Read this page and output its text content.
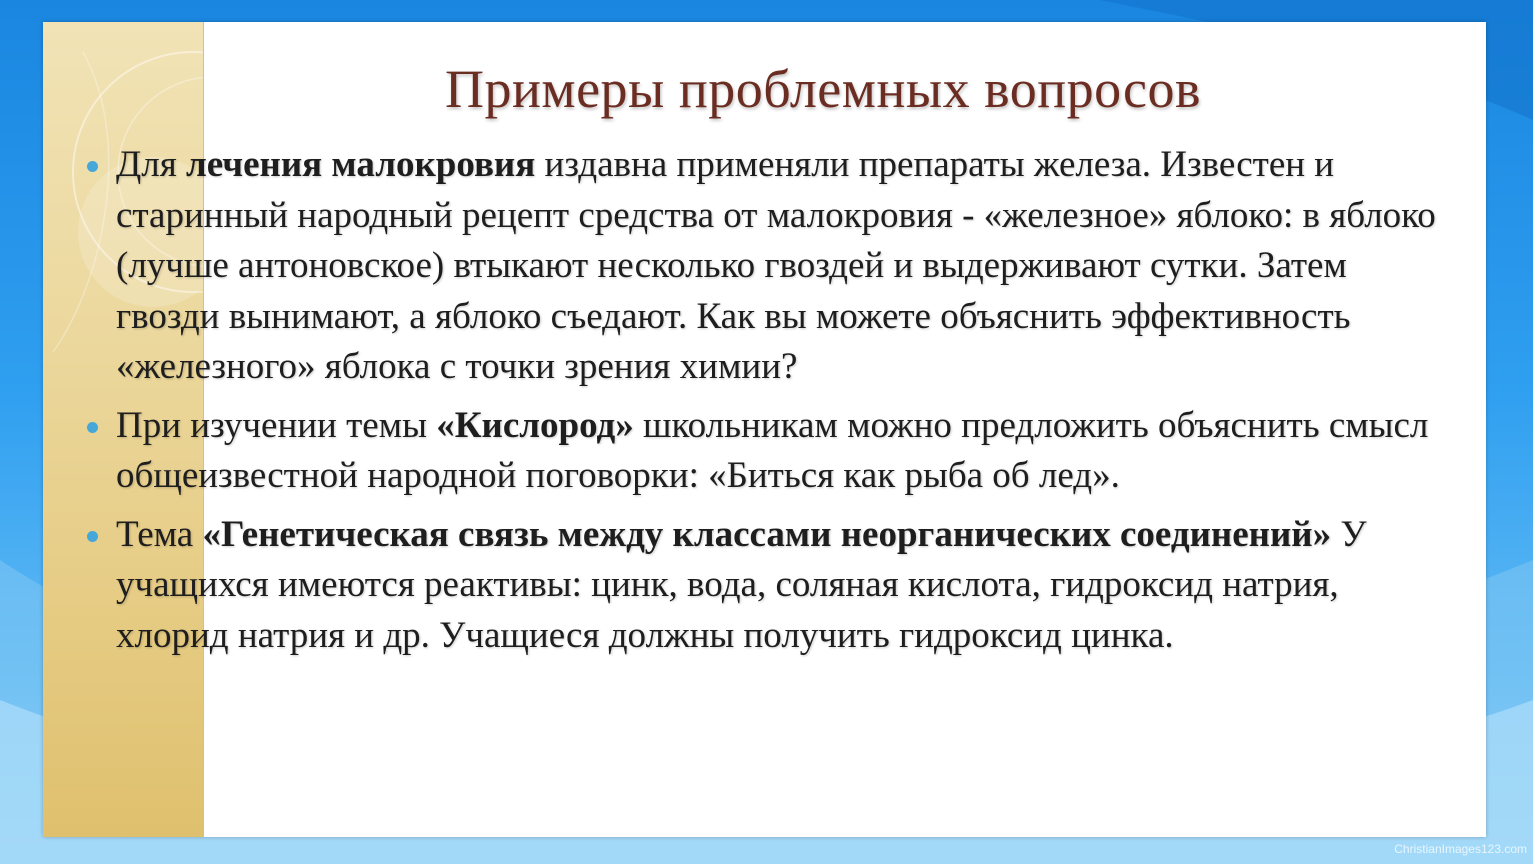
Примеры проблемных вопросов
Для лечения малокровия издавна применяли препараты железа. Известен и старинный народный рецепт средства от малокровия - «железное» яблоко: в яблоко (лучше антоновское) втыкают несколько гвоздей и выдерживают сутки. Затем гвозди вынимают, а яблоко съедают. Как вы можете объяснить эффективность «железного» яблока с точки зрения химии?
При изучении темы «Кислород» школьникам можно предложить объяснить смысл общеизвестной народной поговорки: «Биться как рыба об лед».
Тема «Генетическая связь между классами неорганических соединений» У учащихся имеются реактивы: цинк, вода, соляная кислота, гидроксид натрия, хлорид натрия и др. Учащиеся должны получить гидроксид цинка.
ChristianImages123.com
